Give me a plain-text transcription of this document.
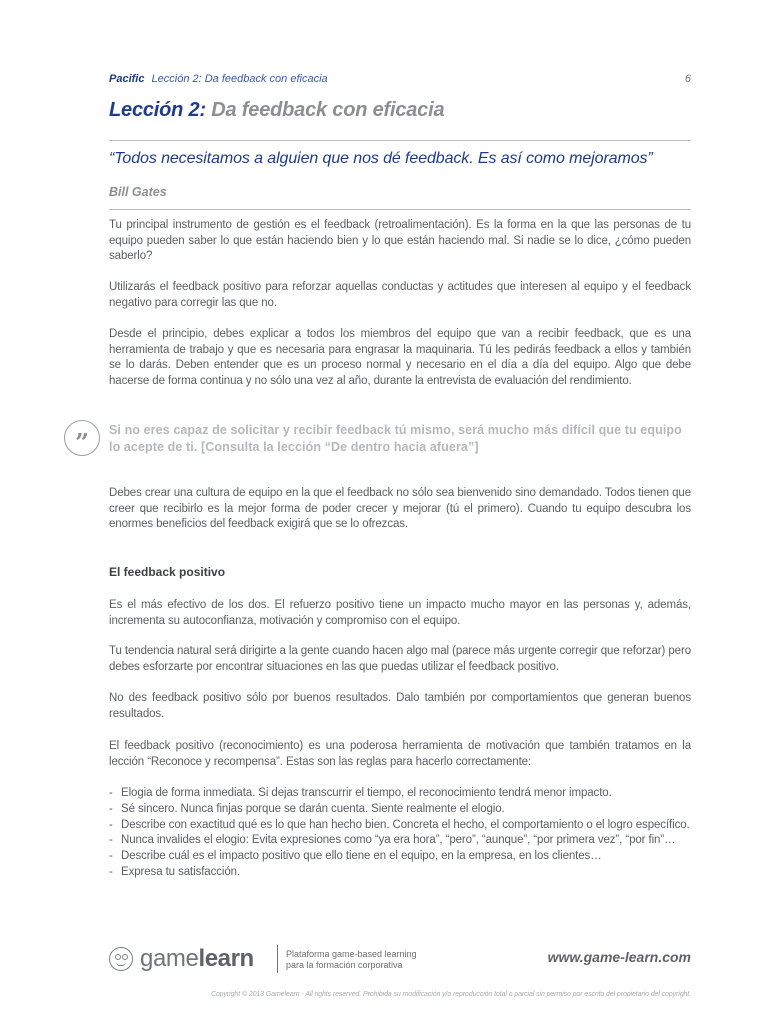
Pacific Lección 2: Da feedback con eficacia	6
Lección 2: Da feedback con eficacia
“Todos necesitamos a alguien que nos dé feedback. Es así como mejoramos”
Bill Gates

Tu principal instrumento de gestión es el feedback (retroalimentación). Es la forma en la que las personas de tu equipo pueden saber lo que están haciendo bien y lo que están haciendo mal. Si nadie se lo dice, ¿cómo pueden saberlo?

Utilizarás el feedback positivo para reforzar aquellas conductas y actitudes que interesen al equipo y el feedback negativo para corregir las que no.

Desde el principio, debes explicar a todos los miembros del equipo que van a recibir feedback, que es una herramienta de trabajo y que es necesaria para engrasar la maquinaria. Tú les pedirás feedback a ellos y también se lo darás. Deben entender que es un proceso normal y necesario en el día a día del equipo. Algo que debe hacerse de forma continua y no sólo una vez al año, durante la entrevista de evaluación del rendimiento.

”	Si no eres capaz de solicitar y recibir feedback tú mismo, será mucho más difícil que tu equipo lo acepte de ti. [Consulta la lección “De dentro hacia afuera”]

Debes crear una cultura de equipo en la que el feedback no sólo sea bienvenido sino demandado. Todos tienen que creer que recibirlo es la mejor forma de poder crecer y mejorar (tú el primero). Cuando tu equipo descubra los enormes beneficios del feedback exigirá que se lo ofrezcas.

El feedback positivo

Es el más efectivo de los dos. El refuerzo positivo tiene un impacto mucho mayor en las personas y, además, incrementa su autoconfianza, motivación y compromiso con el equipo.

Tu tendencia natural será dirigirte a la gente cuando hacen algo mal (parece más urgente corregir que reforzar) pero debes esforzarte por encontrar situaciones en las que puedas utilizar el feedback positivo.

No des feedback positivo sólo por buenos resultados. Dalo también por comportamientos que generan buenos resultados.

El feedback positivo (reconocimiento) es una poderosa herramienta de motivación que también tratamos en la lección “Reconoce y recompensa”. Estas son las reglas para hacerlo correctamente:

- Elogia de forma inmediata. Si dejas transcurrir el tiempo, el reconocimiento tendrá menor impacto.
- Sé sincero. Nunca finjas porque se darán cuenta. Siente realmente el elogio.
- Describe con exactitud qué es lo que han hecho bien. Concreta el hecho, el comportamiento o el logro específico.
- Nunca invalides el elogio: Evita expresiones como “ya era hora”, “pero”, “aunque”, “por primera vez”, “por fin”…
- Describe cuál es el impacto positivo que ello tiene en el equipo, en la empresa, en los clientes…
- Expresa tu satisfacción.
gamelearn	Plataforma game-based learning
para la formación corporativa	www.game-learn.com
Copyright © 2013 Gamelearn - All rights reserved. Prohibida su modificación y/o reproducción total o parcial sin permiso por escrito del propietario del copyright.
